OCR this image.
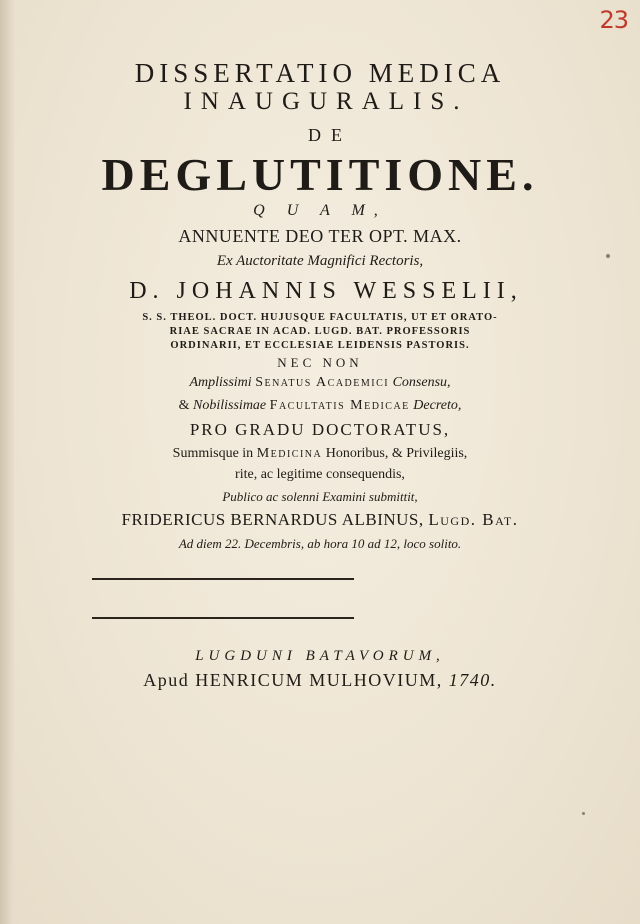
23
DISSERTATIO MEDICA
INAUGURALIS.
DE
DEGLUTITIONE.
Q U A M,
ANNUENTE DEO TER OPT. MAX.
Ex Auctoritate Magnifici Rectoris,
D. JOHANNIS WESSELII,
S. S. THEOL. DOCT. HUJUSQUE FACULTATIS, UT ET ORATO-
RIAE SACRAE IN ACAD. LUGD. BAT. PROFESSORIS
ORDINARII, ET ECCLESIAE LEIDENSIS PASTORIS.
NEC NON
Amplissimi Senatus Academici Consensu,
& Nobilissimae Facultatis Medicae Decreto,
PRO GRADU DOCTORATUS,
Summisque in Medicina Honoribus, & Privilegiis,
rite, ac legitime consequendis,
Publico ac solenni Examini submittit,
FRIDERICUS BERNARDUS ALBINUS, Lugd. Bat.
Ad diem 22. Decembris, ab hora 10 ad 12, loco solito.
LUGDUNI BATAVORUM,
Apud HENRICUM MULHOVIUM, 1740.
